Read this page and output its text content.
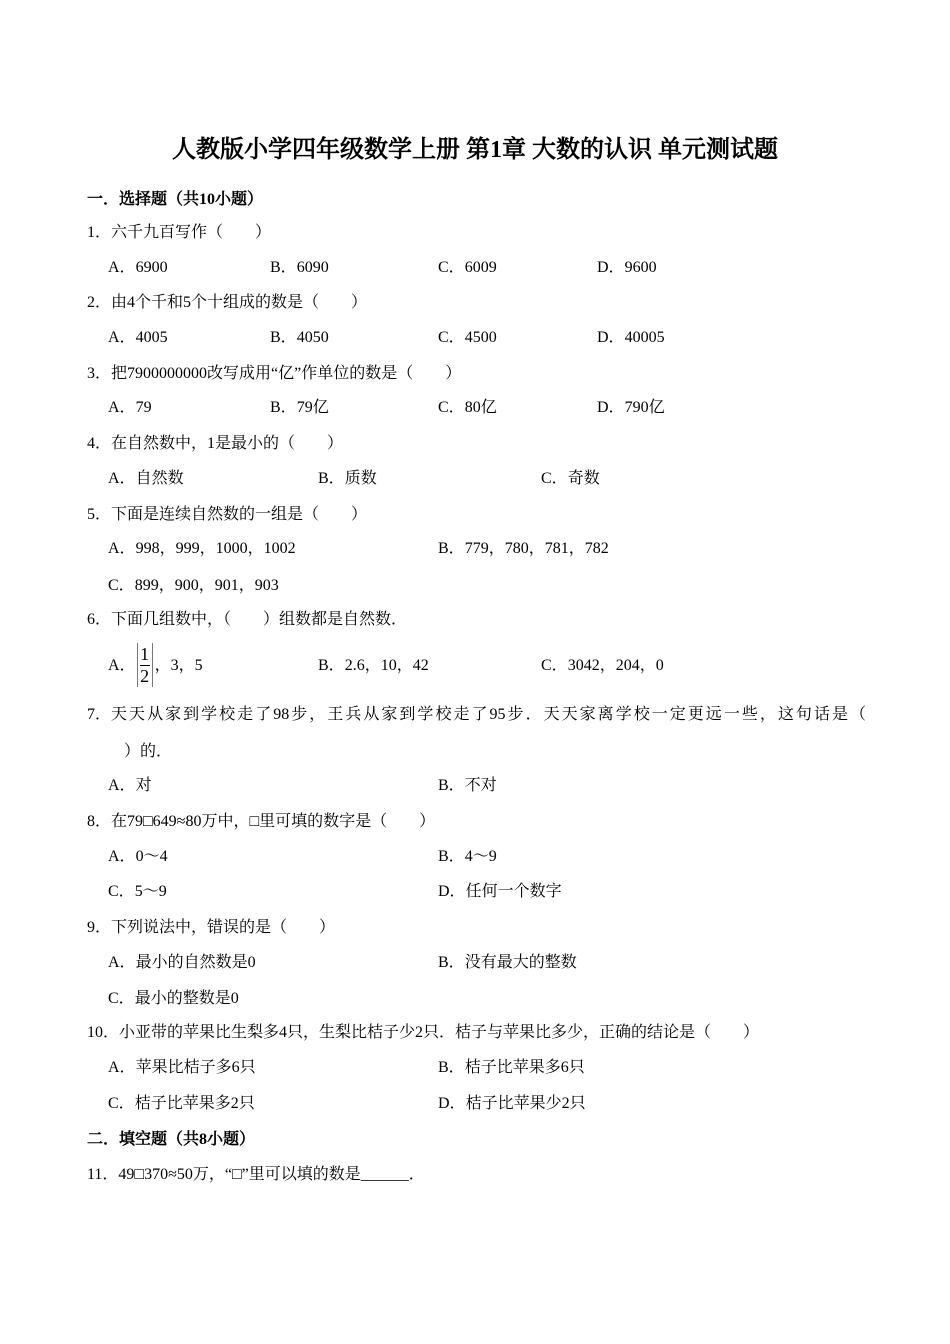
人教版小学四年级数学上册 第1章 大数的认识 单元测试题
一．选择题（共10小题）
1．六千九百写作（　　）
A．6900	B．6090	C．6009	D．9600
2．由4个千和5个十组成的数是（　　）
A．4005	B．4050	C．4500	D．40005
3．把7900000000改写成用“亿”作单位的数是（　　）
A．79	B．79亿	C．80亿	D．790亿
4．在自然数中，1是最小的（　　）
A．自然数	B．质数	C．奇数
5．下面是连续自然数的一组是（　　）
A．998，999，1000，1002	B．779，780，781，782
C．899，900，901，903
6．下面几组数中，（　　）组数都是自然数．
A．
1
2
，3，5	B．2.6，10，42	C．3042，204，0
7．天天从家到学校走了98步，王兵从家到学校走了95步．天天家离学校一定更远一些，这句话是（
）的．
A．对	B．不对
8．在79□649≈80万中，□里可填的数字是（　　）
A．0～4	B．4～9
C．5～9	D．任何一个数字
9．下列说法中，错误的是（　　）
A．最小的自然数是0	B．没有最大的整数
C．最小的整数是0
10．小亚带的苹果比生梨多4只，生梨比桔子少2只．桔子与苹果比多少，正确的结论是（　　）
A．苹果比桔子多6只	B．桔子比苹果多6只
C．桔子比苹果多2只	D．桔子比苹果少2只
二．填空题（共8小题）
11．49□370≈50万，“□”里可以填的数是______．
